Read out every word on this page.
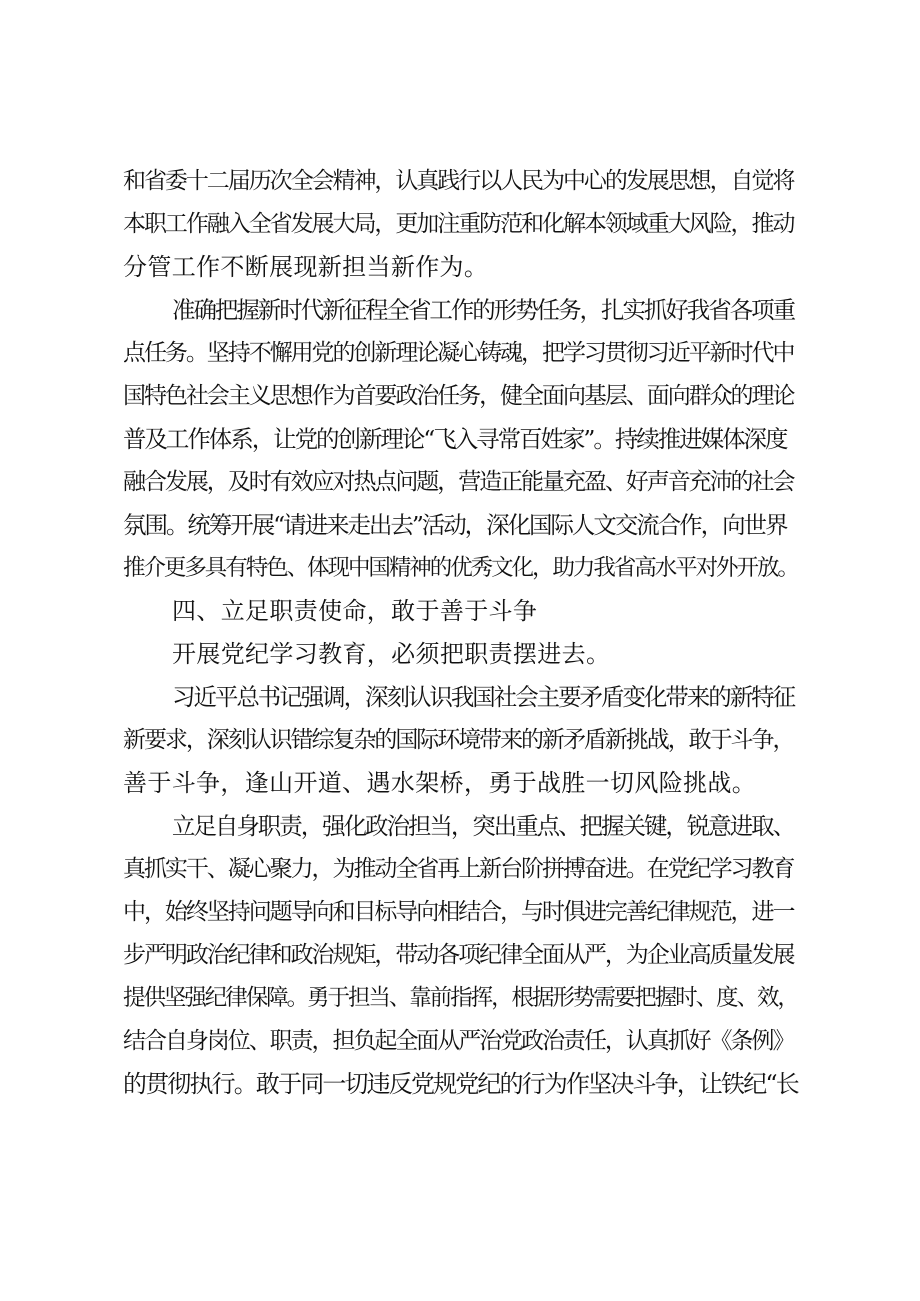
和省委十二届历次全会精神，认真践行以人民为中心的发展思想，自觉将
本职工作融入全省发展大局，更加注重防范和化解本领域重大风险，推动
分管工作不断展现新担当新作为。
准确把握新时代新征程全省工作的形势任务，扎实抓好我省各项重
点任务。坚持不懈用党的创新理论凝心铸魂，把学习贯彻习近平新时代中
国特色社会主义思想作为首要政治任务，健全面向基层、面向群众的理论
普及工作体系，让党的创新理论“飞入寻常百姓家”。持续推进媒体深度
融合发展，及时有效应对热点问题，营造正能量充盈、好声音充沛的社会
氛围。统筹开展“请进来走出去”活动，深化国际人文交流合作，向世界
推介更多具有特色、体现中国精神的优秀文化，助力我省高水平对外开放。
四、立足职责使命，敢于善于斗争
开展党纪学习教育，必须把职责摆进去。
习近平总书记强调，深刻认识我国社会主要矛盾变化带来的新特征
新要求，深刻认识错综复杂的国际环境带来的新矛盾新挑战，敢于斗争，
善于斗争，逢山开道、遇水架桥，勇于战胜一切风险挑战。
立足自身职责，强化政治担当，突出重点、把握关键，锐意进取、
真抓实干、凝心聚力，为推动全省再上新台阶拼搏奋进。在党纪学习教育
中，始终坚持问题导向和目标导向相结合，与时俱进完善纪律规范，进一
步严明政治纪律和政治规矩，带动各项纪律全面从严，为企业高质量发展
提供坚强纪律保障。勇于担当、靠前指挥，根据形势需要把握时、度、效，
结合自身岗位、职责，担负起全面从严治党政治责任，认真抓好《条例》
的贯彻执行。敢于同一切违反党规党纪的行为作坚决斗争，让铁纪“长
